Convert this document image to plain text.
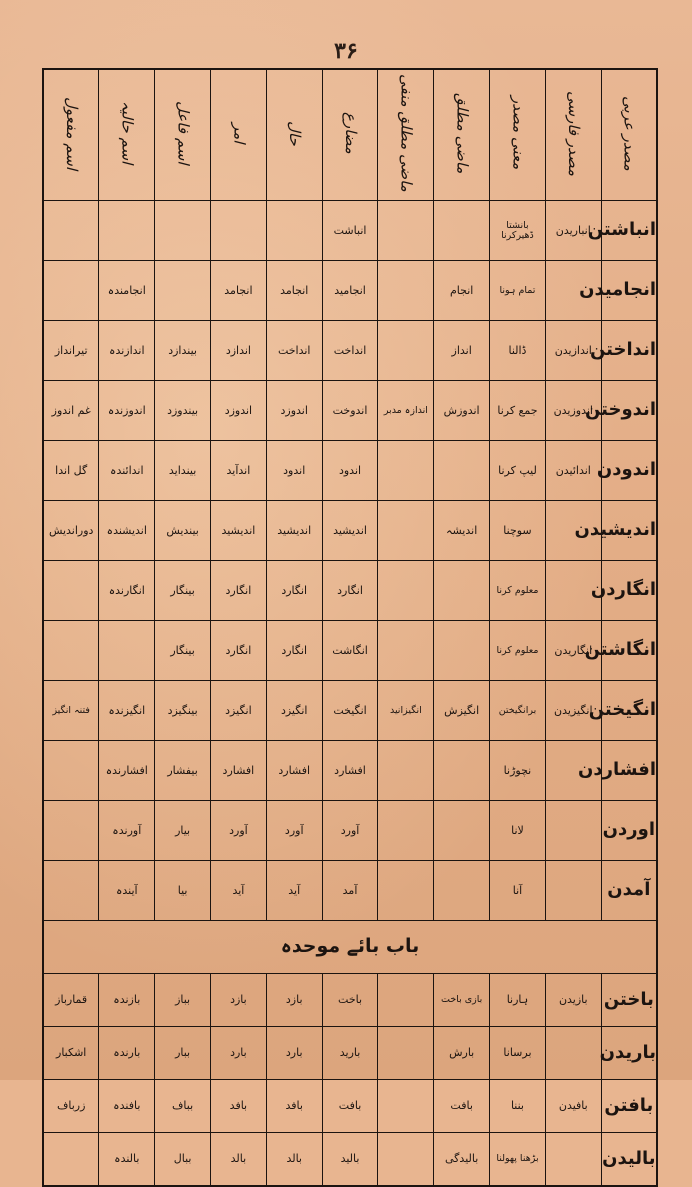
۳۶
مصدر عربی	مصدر فارسی	معنی مصدر	ماضی مطلق	ماضی مطلق منفی	مضارع	حال	امر	اسم فاعل	اسم حالیہ	اسم مفعول
انباشتن	انباریدن	بانشتا ڈھیرکرنا			انباشت					
انجامیدن		تمام ہونا	انجام		انجامید	انجامد	انجامد		انجامندہ	
انداختن	اندازیدن	ڈالنا	انداز		انداخت	انداخت	اندازد	بیندازد	اندازندہ	تیرانداز
اندوختن	اندوزیدن	جمع کرنا	اندوزش	اندازہ مدبر	اندوخت	اندوزد	اندوزد	بیندوزد	اندوزندہ	غم اندوز
اندودن	اندائیدن	لیپ کرنا			اندود	اندود	اندآید	بینداید	اندائندہ	گل اندا
اندیشیدن		سوچنا	اندیشہ		اندیشید	اندیشید	اندیشید	بیندیش	اندیشندہ	دوراندیش
انگاردن		معلوم کرنا			انگارد	انگارد	انگارد	بینگار	انگارندہ	
انگاشتن	انگاریدن	معلوم کرنا			انگاشت	انگارد	انگارد	بینگار		
انگیختن	انگیزیدن	برانگیختن	انگیزش	انگیزانید	انگیخت	انگیزد	انگیزد	بینگیزد	انگیزندہ	فتنہ انگیز
افشاردن		نچوڑنا			افشارد	افشارد	افشارد	بیفشار	افشارندہ	
اوردن		لانا			آورد	آورد	آورد	بیار	آورندہ	
آمدن		آنا			آمد	آید	آید	بیا	آیندہ	
باب بائے موحدہ										
باختن	بازیدن	ہارنا	بازی باخت		باخت	بازد	بازد	بباز	بازندہ	قمارباز
باریدن		برسانا	بارش		بارید	بارد	بارد	ببار	بارندہ	اشکبار
بافتن	بافیدن	بننا	بافت		بافت	بافد	بافد	بباف	بافندہ	زرباف
بالیدن		بڑھنا پھولنا	بالیدگی		بالید	بالد	بالد	ببال	بالندہ	
